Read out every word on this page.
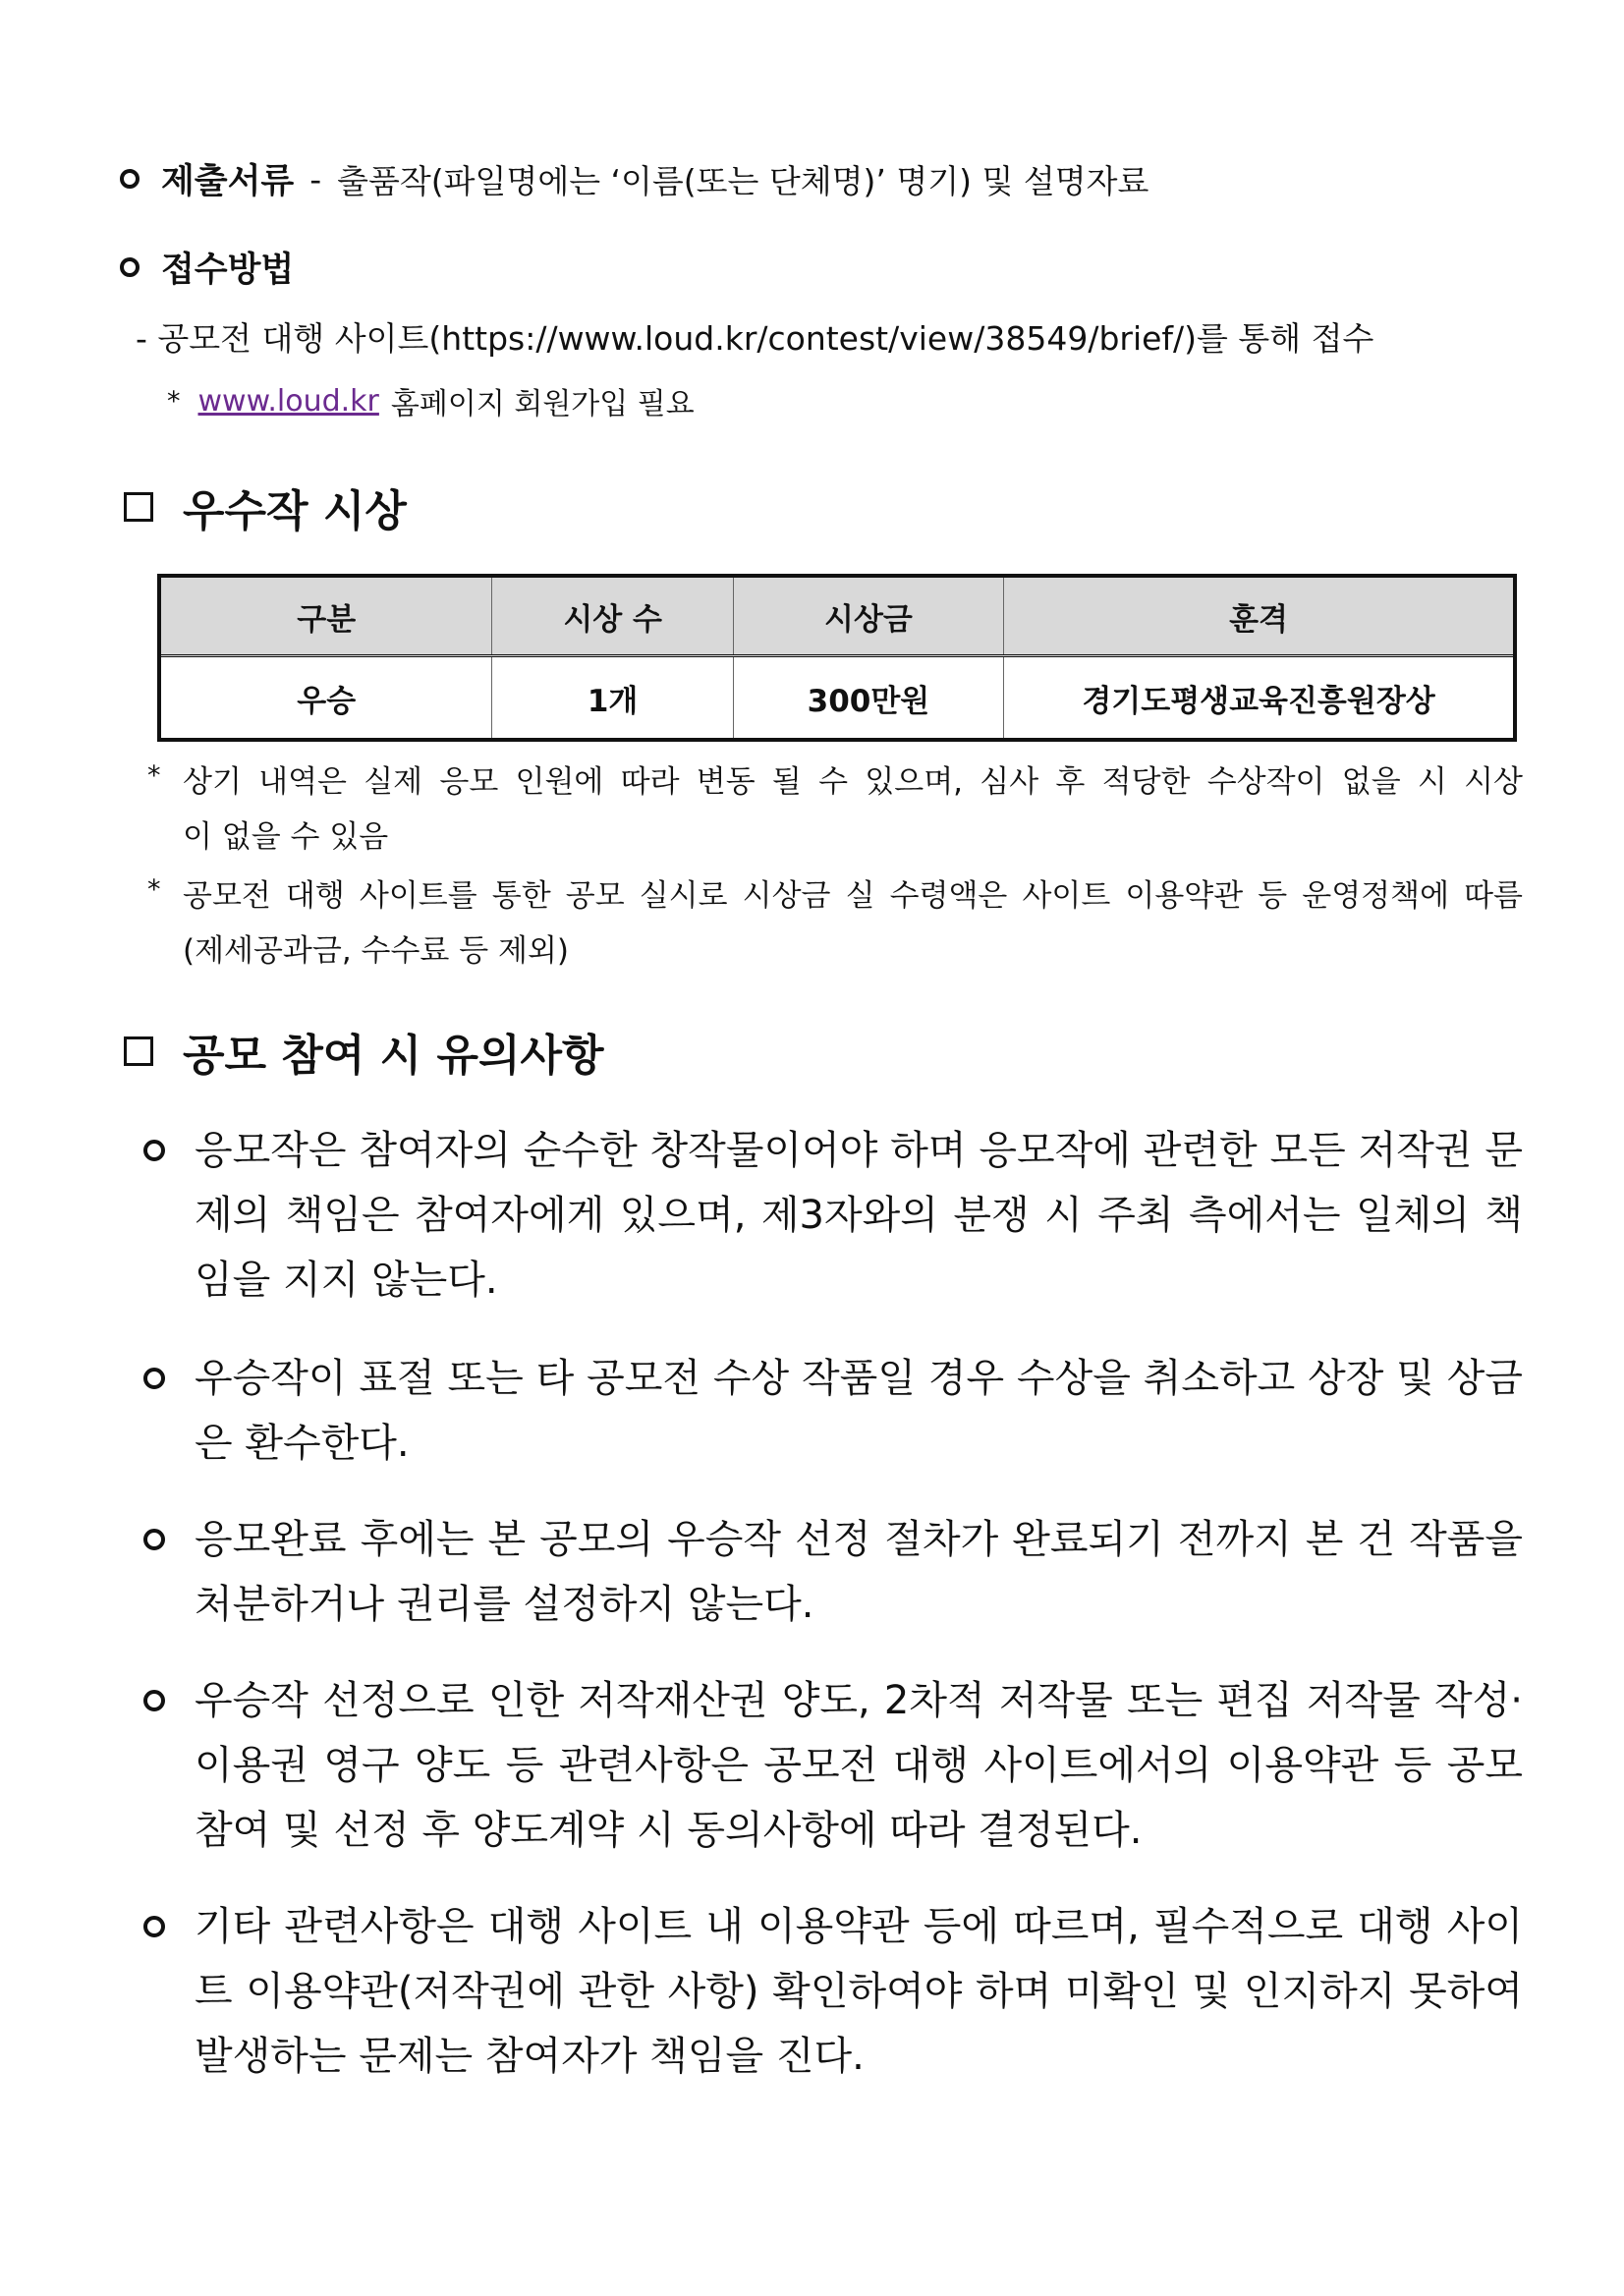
제출서류 - 출품작(파일명에는 ‘이름(또는 단체명)’ 명기) 및 설명자료
접수방법
- 공모전 대행 사이트(https://www.loud.kr/contest/view/38549/brief/)를 통해 접수
* www.loud.kr 홈페이지 회원가입 필요
우수작 시상
구분	시상 수	시상금	훈격
우승	1개	300만원	경기도평생교육진흥원장상
* 상기 내역은 실제 응모 인원에 따라 변동 될 수 있으며, 심사 후 적당한 수상작이 없을 시 시상
이 없을 수 있음
* 공모전 대행 사이트를 통한 공모 실시로 시상금 실 수령액은 사이트 이용약관 등 운영정책에 따름
(제세공과금, 수수료 등 제외)
공모 참여 시 유의사항
응모작은 참여자의 순수한 창작물이어야 하며 응모작에 관련한 모든 저작권 문제의 책임은 참여자에게 있으며, 제3자와의 분쟁 시 주최 측에서는 일체의 책임을 지지 않는다.
우승작이 표절 또는 타 공모전 수상 작품일 경우 수상을 취소하고 상장 및 상금은 환수한다.
응모완료 후에는 본 공모의 우승작 선정 절차가 완료되기 전까지 본 건 작품을 처분하거나 권리를 설정하지 않는다.
우승작 선정으로 인한 저작재산권 양도, 2차적 저작물 또는 편집 저작물 작성·이용권 영구 양도 등 관련사항은 공모전 대행 사이트에서의 이용약관 등 공모 참여 및 선정 후 양도계약 시 동의사항에 따라 결정된다.
기타 관련사항은 대행 사이트 내 이용약관 등에 따르며, 필수적으로 대행 사이트 이용약관(저작권에 관한 사항) 확인하여야 하며 미확인 및 인지하지 못하여 발생하는 문제는 참여자가 책임을 진다.
